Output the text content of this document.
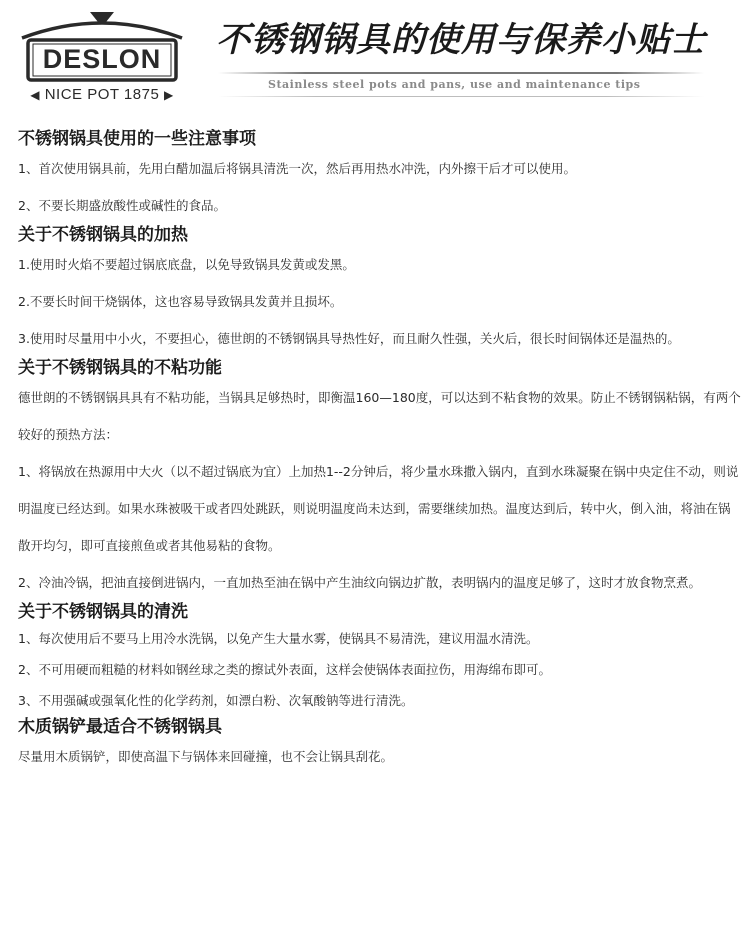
DESLON
◀ NICE POT 1875 ▶
不锈钢锅具的使用与保养小贴士
Stainless steel pots and pans, use and maintenance tips
不锈钢锅具使用的一些注意事项

1、首次使用锅具前，先用白醋加温后将锅具清洗一次，然后再用热水冲洗，内外擦干后才可以使用。

2、不要长期盛放酸性或碱性的食品。

关于不锈钢锅具的加热

1.使用时火焰不要超过锅底底盘，以免导致锅具发黄或发黑。

2.不要长时间干烧锅体，这也容易导致锅具发黄并且损坏。

3.使用时尽量用中小火，不要担心，德世朗的不锈钢锅具导热性好，而且耐久性强，关火后，很长时间锅体还是温热的。

关于不锈钢锅具的不粘功能

德世朗的不锈钢锅具具有不粘功能，当锅具足够热时，即衡温160—180度，可以达到不粘食物的效果。防止不锈钢锅粘锅，有两个较好的预热方法：

1、将锅放在热源用中大火（以不超过锅底为宜）上加热1--2分钟后，将少量水珠撒入锅内，直到水珠凝聚在锅中央定住不动，则说明温度已经达到。如果水珠被吸干或者四处跳跃，则说明温度尚未达到，需要继续加热。温度达到后，转中火，倒入油，将油在锅散开均匀，即可直接煎鱼或者其他易粘的食物。

2、冷油冷锅，把油直接倒进锅内，一直加热至油在锅中产生油纹向锅边扩散，表明锅内的温度足够了，这时才放食物烹煮。

关于不锈钢锅具的清洗

1、每次使用后不要马上用冷水洗锅，以免产生大量水雾，使锅具不易清洗，建议用温水清洗。

2、不可用硬而粗糙的材料如钢丝球之类的擦试外表面，这样会使锅体表面拉伤，用海绵布即可。

3、不用强碱或强氧化性的化学药剂，如漂白粉、次氧酸钠等进行清洗。

木质锅铲最适合不锈钢锅具

尽量用木质锅铲，即使高温下与锅体来回碰撞，也不会让锅具刮花。
